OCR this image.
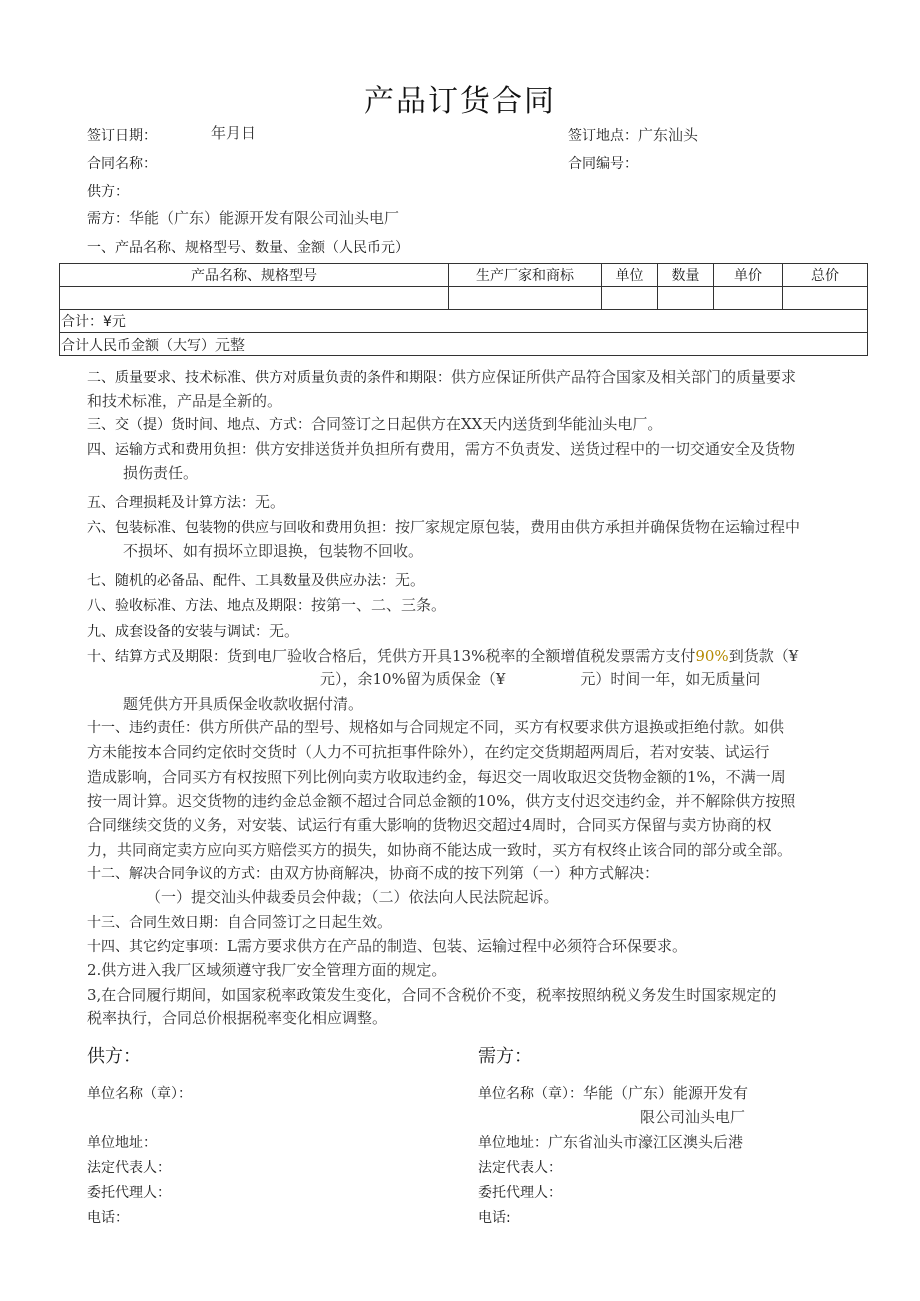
产品订货合同
签订日期：	年月日	签订地点：广东汕头
合同名称：	合同编号：
供方：
需方：华能（广东）能源开发有限公司汕头电厂
一、产品名称、规格型号、数量、金额（人民币元）
产品名称、规格型号	生产厂家和商标	单位	数量	单价	总价

合计：¥元					
合计人民币金额（大写）元整					
二、质量要求、技术标准、供方对质量负责的条件和期限：供方应保证所供产品符合国家及相关部门的质量要求
和技术标准，产品是全新的。
三、交（提）货时间、地点、方式：合同签订之日起供方在XX天内送货到华能汕头电厂。
四、运输方式和费用负担：供方安排送货并负担所有费用，需方不负责发、送货过程中的一切交通安全及货物
损伤责任。
五、合理损耗及计算方法：无。
六、包装标准、包装物的供应与回收和费用负担：按厂家规定原包装，费用由供方承担并确保货物在运输过程中
不损坏、如有损坏立即退换，包装物不回收。
七、随机的必备品、配件、工具数量及供应办法：无。
八、验收标准、方法、地点及期限：按第一、二、三条。
九、成套设备的安装与调试：无。
十、结算方式及期限：货到电厂验收合格后，凭供方开具13%税率的全额增值税发票需方支付90%到货款（¥
元），余10%留为质保金（¥　　　　　元）时间一年，如无质量问
题凭供方开具质保金收款收据付清。
十一、违约责任：供方所供产品的型号、规格如与合同规定不同，买方有权要求供方退换或拒绝付款。如供
方未能按本合同约定依时交货时（人力不可抗拒事件除外），在约定交货期超两周后，若对安装、试运行
造成影响，合同买方有权按照下列比例向卖方收取违约金，每迟交一周收取迟交货物金额的1%，不满一周
按一周计算。迟交货物的违约金总金额不超过合同总金额的10%，供方支付迟交违约金，并不解除供方按照
合同继续交货的义务，对安装、试运行有重大影响的货物迟交超过4周时，合同买方保留与卖方协商的权
力，共同商定卖方应向买方赔偿买方的损失，如协商不能达成一致时，买方有权终止该合同的部分或全部。
十二、解决合同争议的方式：由双方协商解决，协商不成的按下列第（一）种方式解决：
（一）提交汕头仲裁委员会仲裁；（二）依法向人民法院起诉。
十三、合同生效日期：自合同签订之日起生效。
十四、其它约定事项：L需方要求供方在产品的制造、包装、运输过程中必须符合环保要求。
2.供方进入我厂区域须遵守我厂安全管理方面的规定。
3,在合同履行期间，如国家税率政策发生变化，合同不含税价不变，税率按照纳税义务发生时国家规定的
税率执行，合同总价根据税率变化相应调整。
供方：	需方：
单位名称（章）：	单位名称（章）：华能（广东）能源开发有
限公司汕头电厂
单位地址：	单位地址：广东省汕头市濠江区澳头后港
法定代表人：	法定代表人：
委托代理人：	委托代理人：
电话：	电话:
